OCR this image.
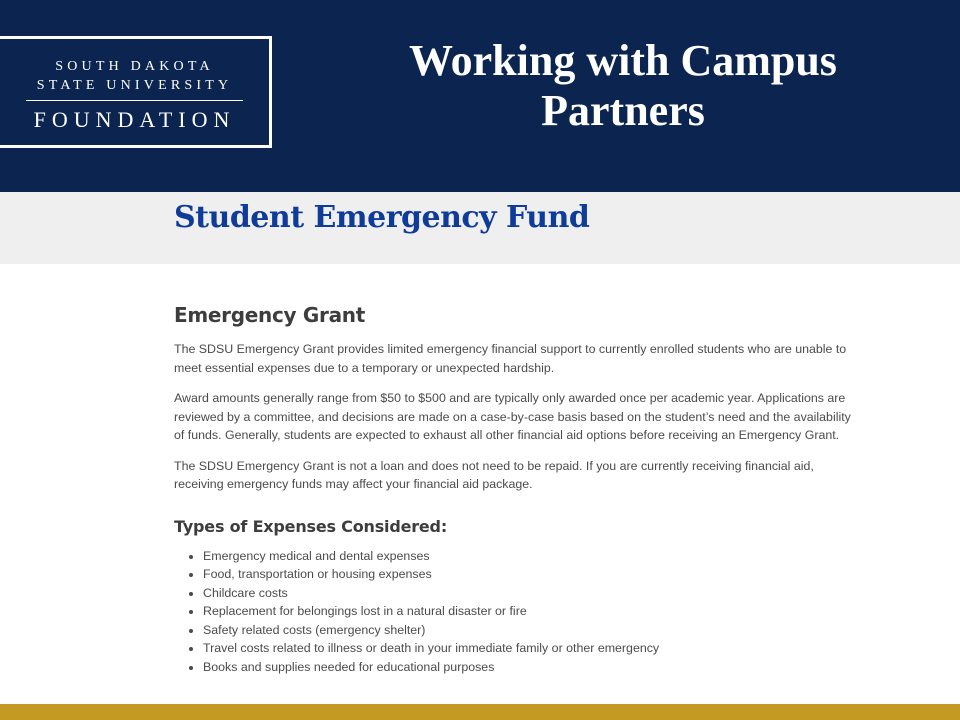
SOUTH DAKOTA
STATE UNIVERSITY
FOUNDATION
Working with Campus
Partners
Student Emergency Fund
Emergency Grant

The SDSU Emergency Grant provides limited emergency financial support to currently enrolled students who are unable to meet essential expenses due to a temporary or unexpected hardship.

Award amounts generally range from $50 to $500 and are typically only awarded once per academic year. Applications are reviewed by a committee, and decisions are made on a case-by-case basis based on the student’s need and the availability of funds. Generally, students are expected to exhaust all other financial aid options before receiving an Emergency Grant.

The SDSU Emergency Grant is not a loan and does not need to be repaid. If you are currently receiving financial aid, receiving emergency funds may affect your financial aid package.

Types of Expenses Considered:
Emergency medical and dental expenses
Food, transportation or housing expenses
Childcare costs
Replacement for belongings lost in a natural disaster or fire
Safety related costs (emergency shelter)
Travel costs related to illness or death in your immediate family or other emergency
Books and supplies needed for educational purposes
